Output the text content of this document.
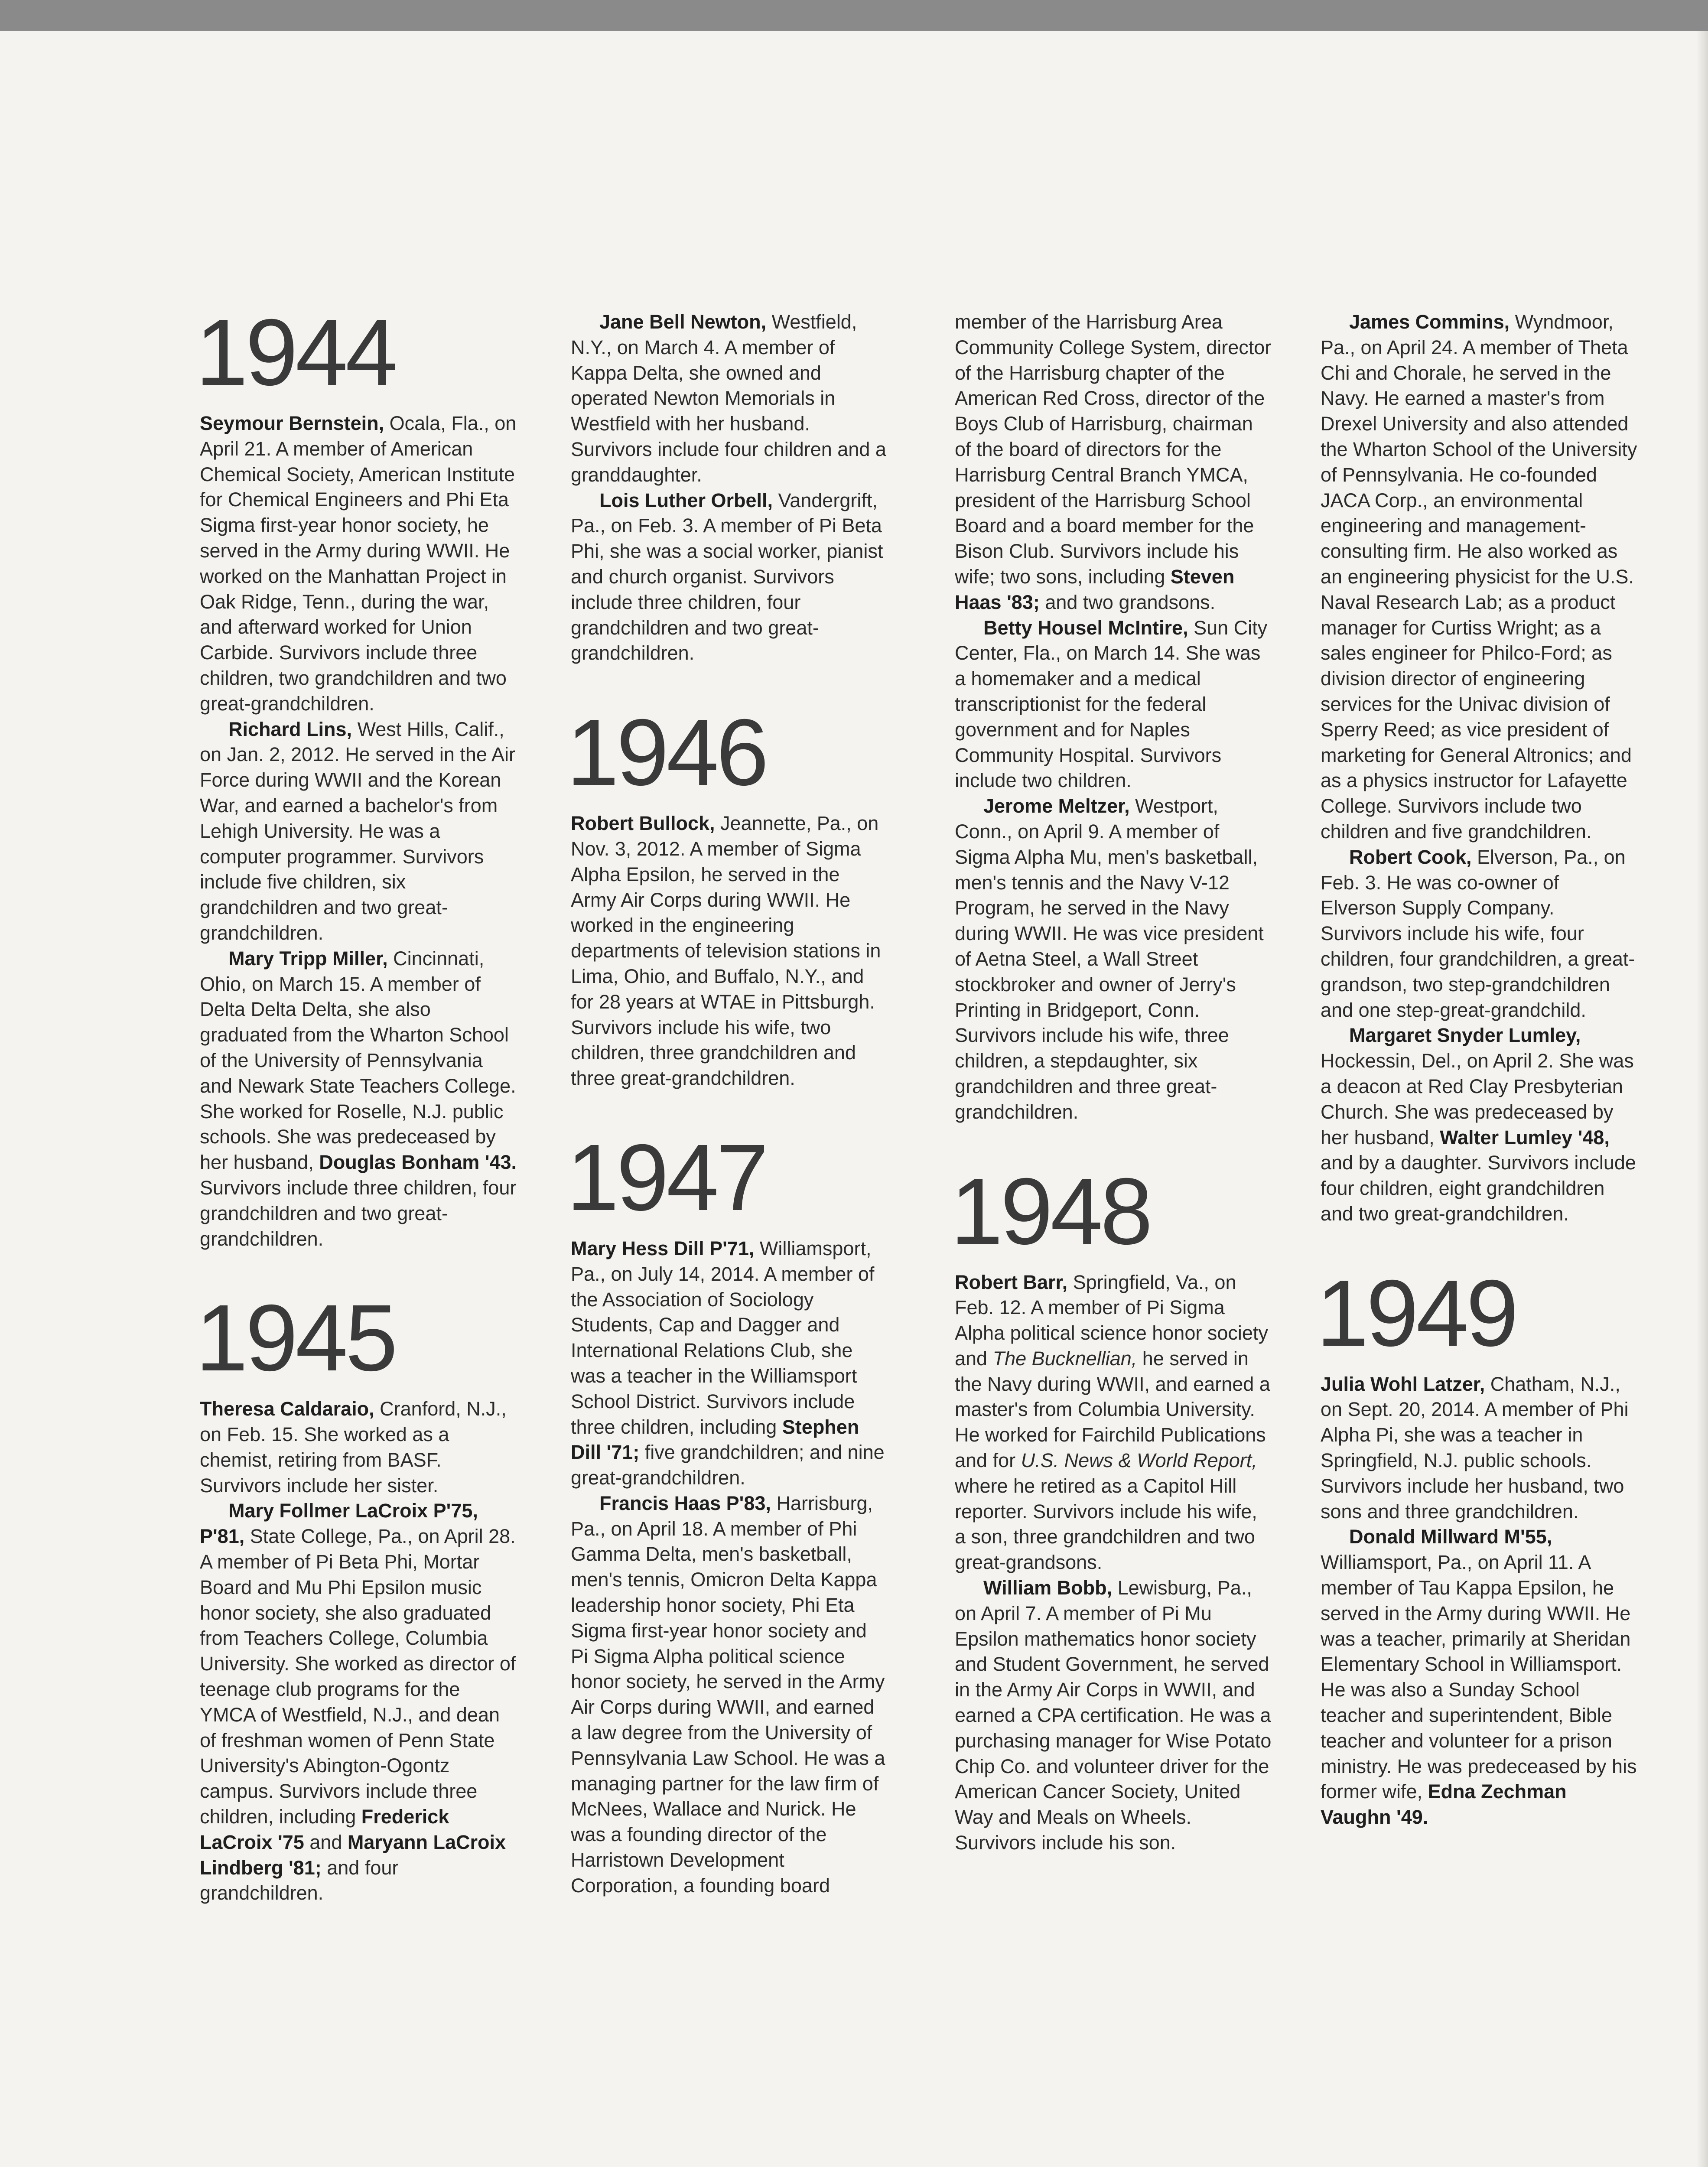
1944

Seymour Bernstein, Ocala, Fla., on April 21. A member of American Chemical Society, American Institute for Chemical Engineers and Phi Eta Sigma first-year honor society, he served in the Army during WWII. He worked on the Manhattan Project in Oak Ridge, Tenn., during the war, and afterward worked for Union Carbide. Survivors include three children, two grandchildren and two great-grandchildren.

Richard Lins, West Hills, Calif., on Jan. 2, 2012. He served in the Air Force during WWII and the Korean War, and earned a bachelor's from Lehigh University. He was a computer programmer. Survivors include five children, six grandchildren and two great-grandchildren.

Mary Tripp Miller, Cincinnati, Ohio, on March 15. A member of Delta Delta Delta, she also graduated from the Wharton School of the University of Pennsylvania and Newark State Teachers College. She worked for Roselle, N.J. public schools. She was predeceased by her husband, Douglas Bonham '43. Survivors include three children, four grandchildren and two great-grandchildren.

1945

Theresa Caldaraio, Cranford, N.J., on Feb. 15. She worked as a chemist, retiring from BASF. Survivors include her sister.

Mary Follmer LaCroix P'75, P'81, State College, Pa., on April 28. A member of Pi Beta Phi, Mortar Board and Mu Phi Epsilon music honor society, she also graduated from Teachers College, Columbia University. She worked as director of teenage club programs for the YMCA of Westfield, N.J., and dean of freshman women of Penn State University's Abington-Ogontz campus. Survivors include three children, including Frederick LaCroix '75 and Maryann LaCroix Lindberg '81; and four grandchildren.

Jane Bell Newton, Westfield, N.Y., on March 4. A member of Kappa Delta, she owned and operated Newton Memorials in Westfield with her husband. Survivors include four children and a granddaughter.

Lois Luther Orbell, Vandergrift, Pa., on Feb. 3. A member of Pi Beta Phi, she was a social worker, pianist and church organist. Survivors include three children, four grandchildren and two great-grandchildren.

1946

Robert Bullock, Jeannette, Pa., on Nov. 3, 2012. A member of Sigma Alpha Epsilon, he served in the Army Air Corps during WWII. He worked in the engineering departments of television stations in Lima, Ohio, and Buffalo, N.Y., and for 28 years at WTAE in Pittsburgh. Survivors include his wife, two children, three grandchildren and three great-grandchildren.

1947

Mary Hess Dill P'71, Williamsport, Pa., on July 14, 2014. A member of the Association of Sociology Students, Cap and Dagger and International Relations Club, she was a teacher in the Williamsport School District. Survivors include three children, including Stephen Dill '71; five grandchildren; and nine great-grandchildren.

Francis Haas P'83, Harrisburg, Pa., on April 18. A member of Phi Gamma Delta, men's basketball, men's tennis, Omicron Delta Kappa leadership honor society, Phi Eta Sigma first-year honor society and Pi Sigma Alpha political science honor society, he served in the Army Air Corps during WWII, and earned a law degree from the University of Pennsylvania Law School. He was a managing partner for the law firm of McNees, Wallace and Nurick. He was a founding director of the Harristown Development Corporation, a founding board

member of the Harrisburg Area Community College System, director of the Harrisburg chapter of the American Red Cross, director of the Boys Club of Harrisburg, chairman of the board of directors for the Harrisburg Central Branch YMCA, president of the Harrisburg School Board and a board member for the Bison Club. Survivors include his wife; two sons, including Steven Haas '83; and two grandsons.

Betty Housel McIntire, Sun City Center, Fla., on March 14. She was a homemaker and a medical transcriptionist for the federal government and for Naples Community Hospital. Survivors include two children.

Jerome Meltzer, Westport, Conn., on April 9. A member of Sigma Alpha Mu, men's basketball, men's tennis and the Navy V-12 Program, he served in the Navy during WWII. He was vice president of Aetna Steel, a Wall Street stockbroker and owner of Jerry's Printing in Bridgeport, Conn. Survivors include his wife, three children, a stepdaughter, six grandchildren and three great-grandchildren.

1948

Robert Barr, Springfield, Va., on Feb. 12. A member of Pi Sigma Alpha political science honor society and The Bucknellian, he served in the Navy during WWII, and earned a master's from Columbia University. He worked for Fairchild Publications and for U.S. News & World Report, where he retired as a Capitol Hill reporter. Survivors include his wife, a son, three grandchildren and two great-grandsons.

William Bobb, Lewisburg, Pa., on April 7. A member of Pi Mu Epsilon mathematics honor society and Student Government, he served in the Army Air Corps in WWII, and earned a CPA certification. He was a purchasing manager for Wise Potato Chip Co. and volunteer driver for the American Cancer Society, United Way and Meals on Wheels. Survivors include his son.

James Commins, Wyndmoor, Pa., on April 24. A member of Theta Chi and Chorale, he served in the Navy. He earned a master's from Drexel University and also attended the Wharton School of the University of Pennsylvania. He co-founded JACA Corp., an environmental engineering and management-consulting firm. He also worked as an engineering physicist for the U.S. Naval Research Lab; as a product manager for Curtiss Wright; as a sales engineer for Philco-Ford; as division director of engineering services for the Univac division of Sperry Reed; as vice president of marketing for General Altronics; and as a physics instructor for Lafayette College. Survivors include two children and five grandchildren.

Robert Cook, Elverson, Pa., on Feb. 3. He was co-owner of Elverson Supply Company. Survivors include his wife, four children, four grandchildren, a great-grandson, two step-grandchildren and one step-great-grandchild.

Margaret Snyder Lumley, Hockessin, Del., on April 2. She was a deacon at Red Clay Presbyterian Church. She was predeceased by her husband, Walter Lumley '48, and by a daughter. Survivors include four children, eight grandchildren and two great-grandchildren.

1949

Julia Wohl Latzer, Chatham, N.J., on Sept. 20, 2014. A member of Phi Alpha Pi, she was a teacher in Springfield, N.J. public schools. Survivors include her husband, two sons and three grandchildren.

Donald Millward M'55, Williamsport, Pa., on April 11. A member of Tau Kappa Epsilon, he served in the Army during WWII. He was a teacher, primarily at Sheridan Elementary School in Williamsport. He was also a Sunday School teacher and superintendent, Bible teacher and volunteer for a prison ministry. He was predeceased by his former wife, Edna Zechman Vaughn '49.
